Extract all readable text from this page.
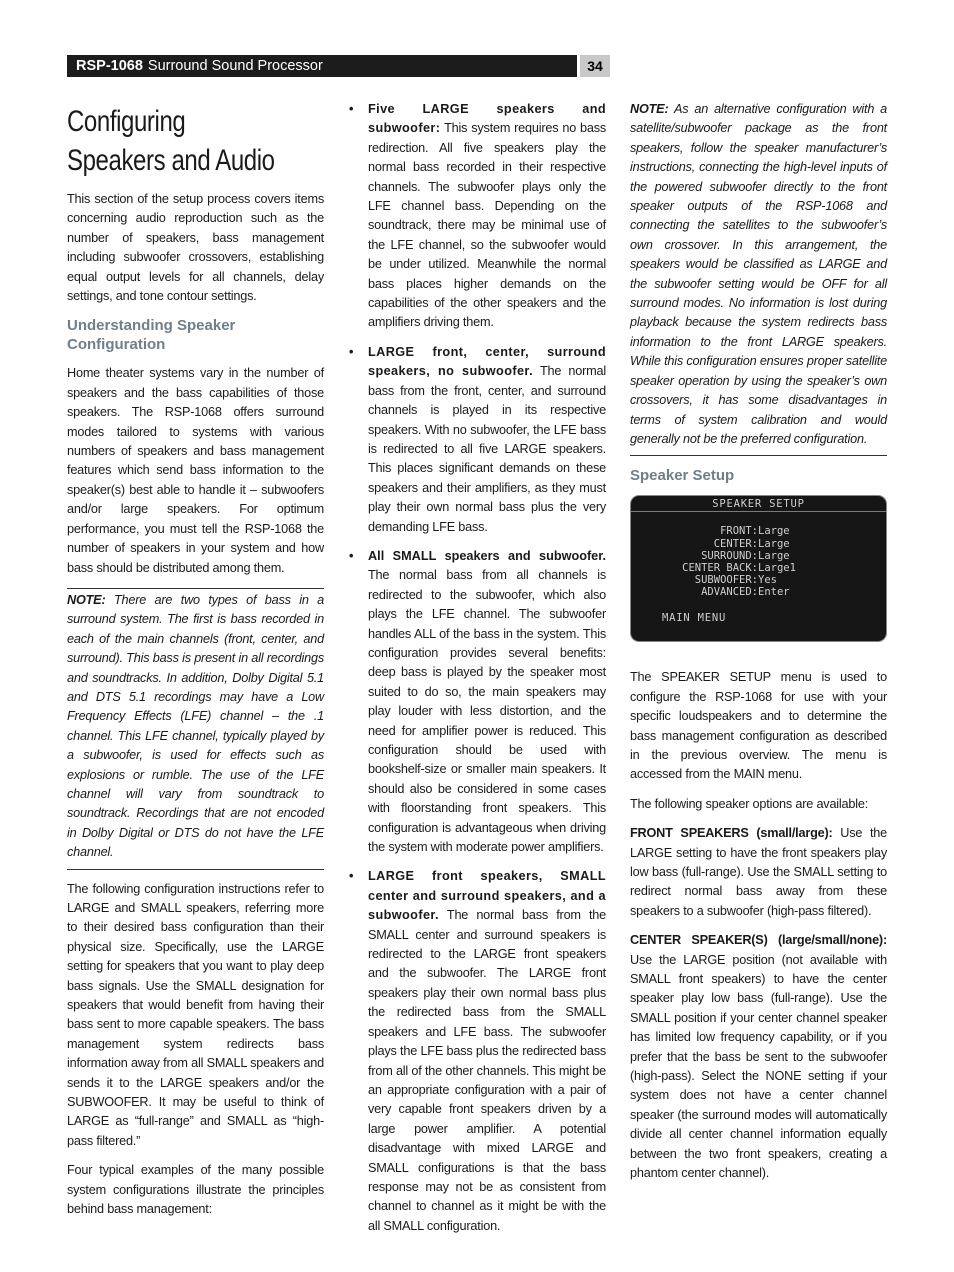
RSP-1068 Surround Sound Processor	34
Configuring
Speakers and Audio

This section of the setup process covers items concerning audio reproduction such as the number of speakers, bass management including subwoofer crossovers, establishing equal output levels for all channels, delay settings, and tone contour settings.

Understanding Speaker Configuration

Home theater systems vary in the number of speakers and the bass capabilities of those speakers. The RSP-1068 offers surround modes tailored to systems with various numbers of speakers and bass management features which send bass information to the speaker(s) best able to handle it – subwoofers and/or large speakers. For optimum performance, you must tell the RSP-1068 the number of speakers in your system and how bass should be distributed among them.

NOTE: There are two types of bass in a surround system. The first is bass recorded in each of the main channels (front, center, and surround). This bass is present in all recordings and soundtracks. In addition, Dolby Digital 5.1 and DTS 5.1 recordings may have a Low Frequency Effects (LFE) channel – the .1 channel. This LFE channel, typically played by a subwoofer, is used for effects such as explosions or rumble. The use of the LFE channel will vary from soundtrack to soundtrack. Recordings that are not encoded in Dolby Digital or DTS do not have the LFE channel.

The following configuration instructions refer to LARGE and SMALL speakers, referring more to their desired bass configuration than their physical size. Specifically, use the LARGE setting for speakers that you want to play deep bass signals. Use the SMALL designation for speakers that would benefit from having their bass sent to more capable speakers. The bass management system redirects bass information away from all SMALL speakers and sends it to the LARGE speakers and/or the SUBWOOFER. It may be useful to think of LARGE as “full-range” and SMALL as “high-pass filtered.”

Four typical examples of the many possible system configurations illustrate the principles behind bass management:

• Five LARGE speakers and subwoofer: This system requires no bass redirection. All five speakers play the normal bass recorded in their respective channels. The subwoofer plays only the LFE channel bass. Depending on the soundtrack, there may be minimal use of the LFE channel, so the subwoofer would be under utilized. Meanwhile the normal bass places higher demands on the capabilities of the other speakers and the amplifiers driving them.
• LARGE front, center, surround speakers, no subwoofer. The normal bass from the front, center, and surround channels is played in its respective speakers. With no subwoofer, the LFE bass is redirected to all five LARGE speakers. This places significant demands on these speakers and their amplifiers, as they must play their own normal bass plus the very demanding LFE bass.
• All SMALL speakers and subwoofer. The normal bass from all channels is redirected to the subwoofer, which also plays the LFE channel. The subwoofer handles ALL of the bass in the system. This configuration provides several benefits: deep bass is played by the speaker most suited to do so, the main speakers may play louder with less distortion, and the need for amplifier power is reduced. This configuration should be used with bookshelf-size or smaller main speakers. It should also be considered in some cases with floorstanding front speakers. This configuration is advantageous when driving the system with moderate power amplifiers.
• LARGE front speakers, SMALL center and surround speakers, and a subwoofer. The normal bass from the SMALL center and surround speakers is redirected to the LARGE front speakers and the subwoofer. The LARGE front speakers play their own normal bass plus the redirected bass from the SMALL speakers and LFE bass. The subwoofer plays the LFE bass plus the redirected bass from all of the other channels. This might be an appropriate configuration with a pair of very capable front speakers driven by a large power amplifier. A potential disadvantage with mixed LARGE and SMALL configurations is that the bass response may not be as consistent from channel to channel as it might be with the all SMALL configuration.

NOTE: As an alternative configuration with a satellite/subwoofer package as the front speakers, follow the speaker manufacturer’s instructions, connecting the high-level inputs of the powered subwoofer directly to the front speaker outputs of the RSP-1068 and connecting the satellites to the subwoofer’s own crossover. In this arrangement, the speakers would be classified as LARGE and the subwoofer setting would be OFF for all surround modes. No information is lost during playback because the system redirects bass information to the front LARGE speakers. While this configuration ensures proper satellite speaker operation by using the speaker’s own crossovers, it has some disadvantages in terms of system calibration and would generally not be the preferred configuration.

Speaker Setup
SPEAKER SETUP
FRONT: Large
CENTER: Large
SURROUND: Large
CENTER BACK: Large1
SUBWOOFER: Yes
ADVANCED: Enter
MAIN MENU

The SPEAKER SETUP menu is used to configure the RSP-1068 for use with your specific loudspeakers and to determine the bass management configuration as described in the previous overview. The menu is accessed from the MAIN menu.

The following speaker options are available:

FRONT SPEAKERS (small/large): Use the LARGE setting to have the front speakers play low bass (full-range). Use the SMALL setting to redirect normal bass away from these speakers to a subwoofer (high-pass filtered).

CENTER SPEAKER(S) (large/small/none): Use the LARGE position (not available with SMALL front speakers) to have the center speaker play low bass (full-range). Use the SMALL position if your center channel speaker has limited low frequency capability, or if you prefer that the bass be sent to the subwoofer (high-pass). Select the NONE setting if your system does not have a center channel speaker (the surround modes will automatically divide all center channel information equally between the two front speakers, creating a phantom center channel).
